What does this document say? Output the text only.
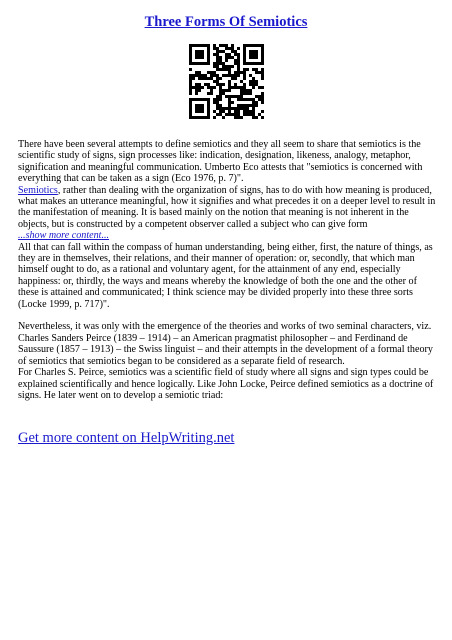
Three Forms Of Semiotics

There have been several attempts to define semiotics and they all seem to share that semiotics is the scientific study of signs, sign processes like: indication, designation, likeness, analogy, metaphor, signification and meaningful communication. Umberto Eco attests that "semiotics is concerned with everything that can be taken as a sign (Eco 1976, p. 7)".

Semiotics, rather than dealing with the organization of signs, has to do with how meaning is produced, what makes an utterance meaningful, how it signifies and what precedes it on a deeper level to result in the manifestation of meaning. It is based mainly on the notion that meaning is not inherent in the objects, but is constructed by a competent observer called a subject who can give form

...show more content...

All that can fall within the compass of human understanding, being either, first, the nature of things, as they are in themselves, their relations, and their manner of operation: or, secondly, that which man himself ought to do, as a rational and voluntary agent, for the attainment of any end, especially happiness: or, thirdly, the ways and means whereby the knowledge of both the one and the other of these is attained and communicated; I think science may be divided properly into these three sorts (Locke 1999, p. 717)".

Nevertheless, it was only with the emergence of the theories and works of two seminal characters, viz. Charles Sanders Peirce (1839 – 1914) – an American pragmatist philosopher – and Ferdinand de Saussure (1857 – 1913) – the Swiss linguist – and their attempts in the development of a formal theory of semiotics that semiotics began to be considered as a separate field of research.

For Charles S. Peirce, semiotics was a scientific field of study where all signs and sign types could be explained scientifically and hence logically. Like John Locke, Peirce defined semiotics as a doctrine of signs. He later went on to develop a semiotic triad:

Get more content on HelpWriting.net
